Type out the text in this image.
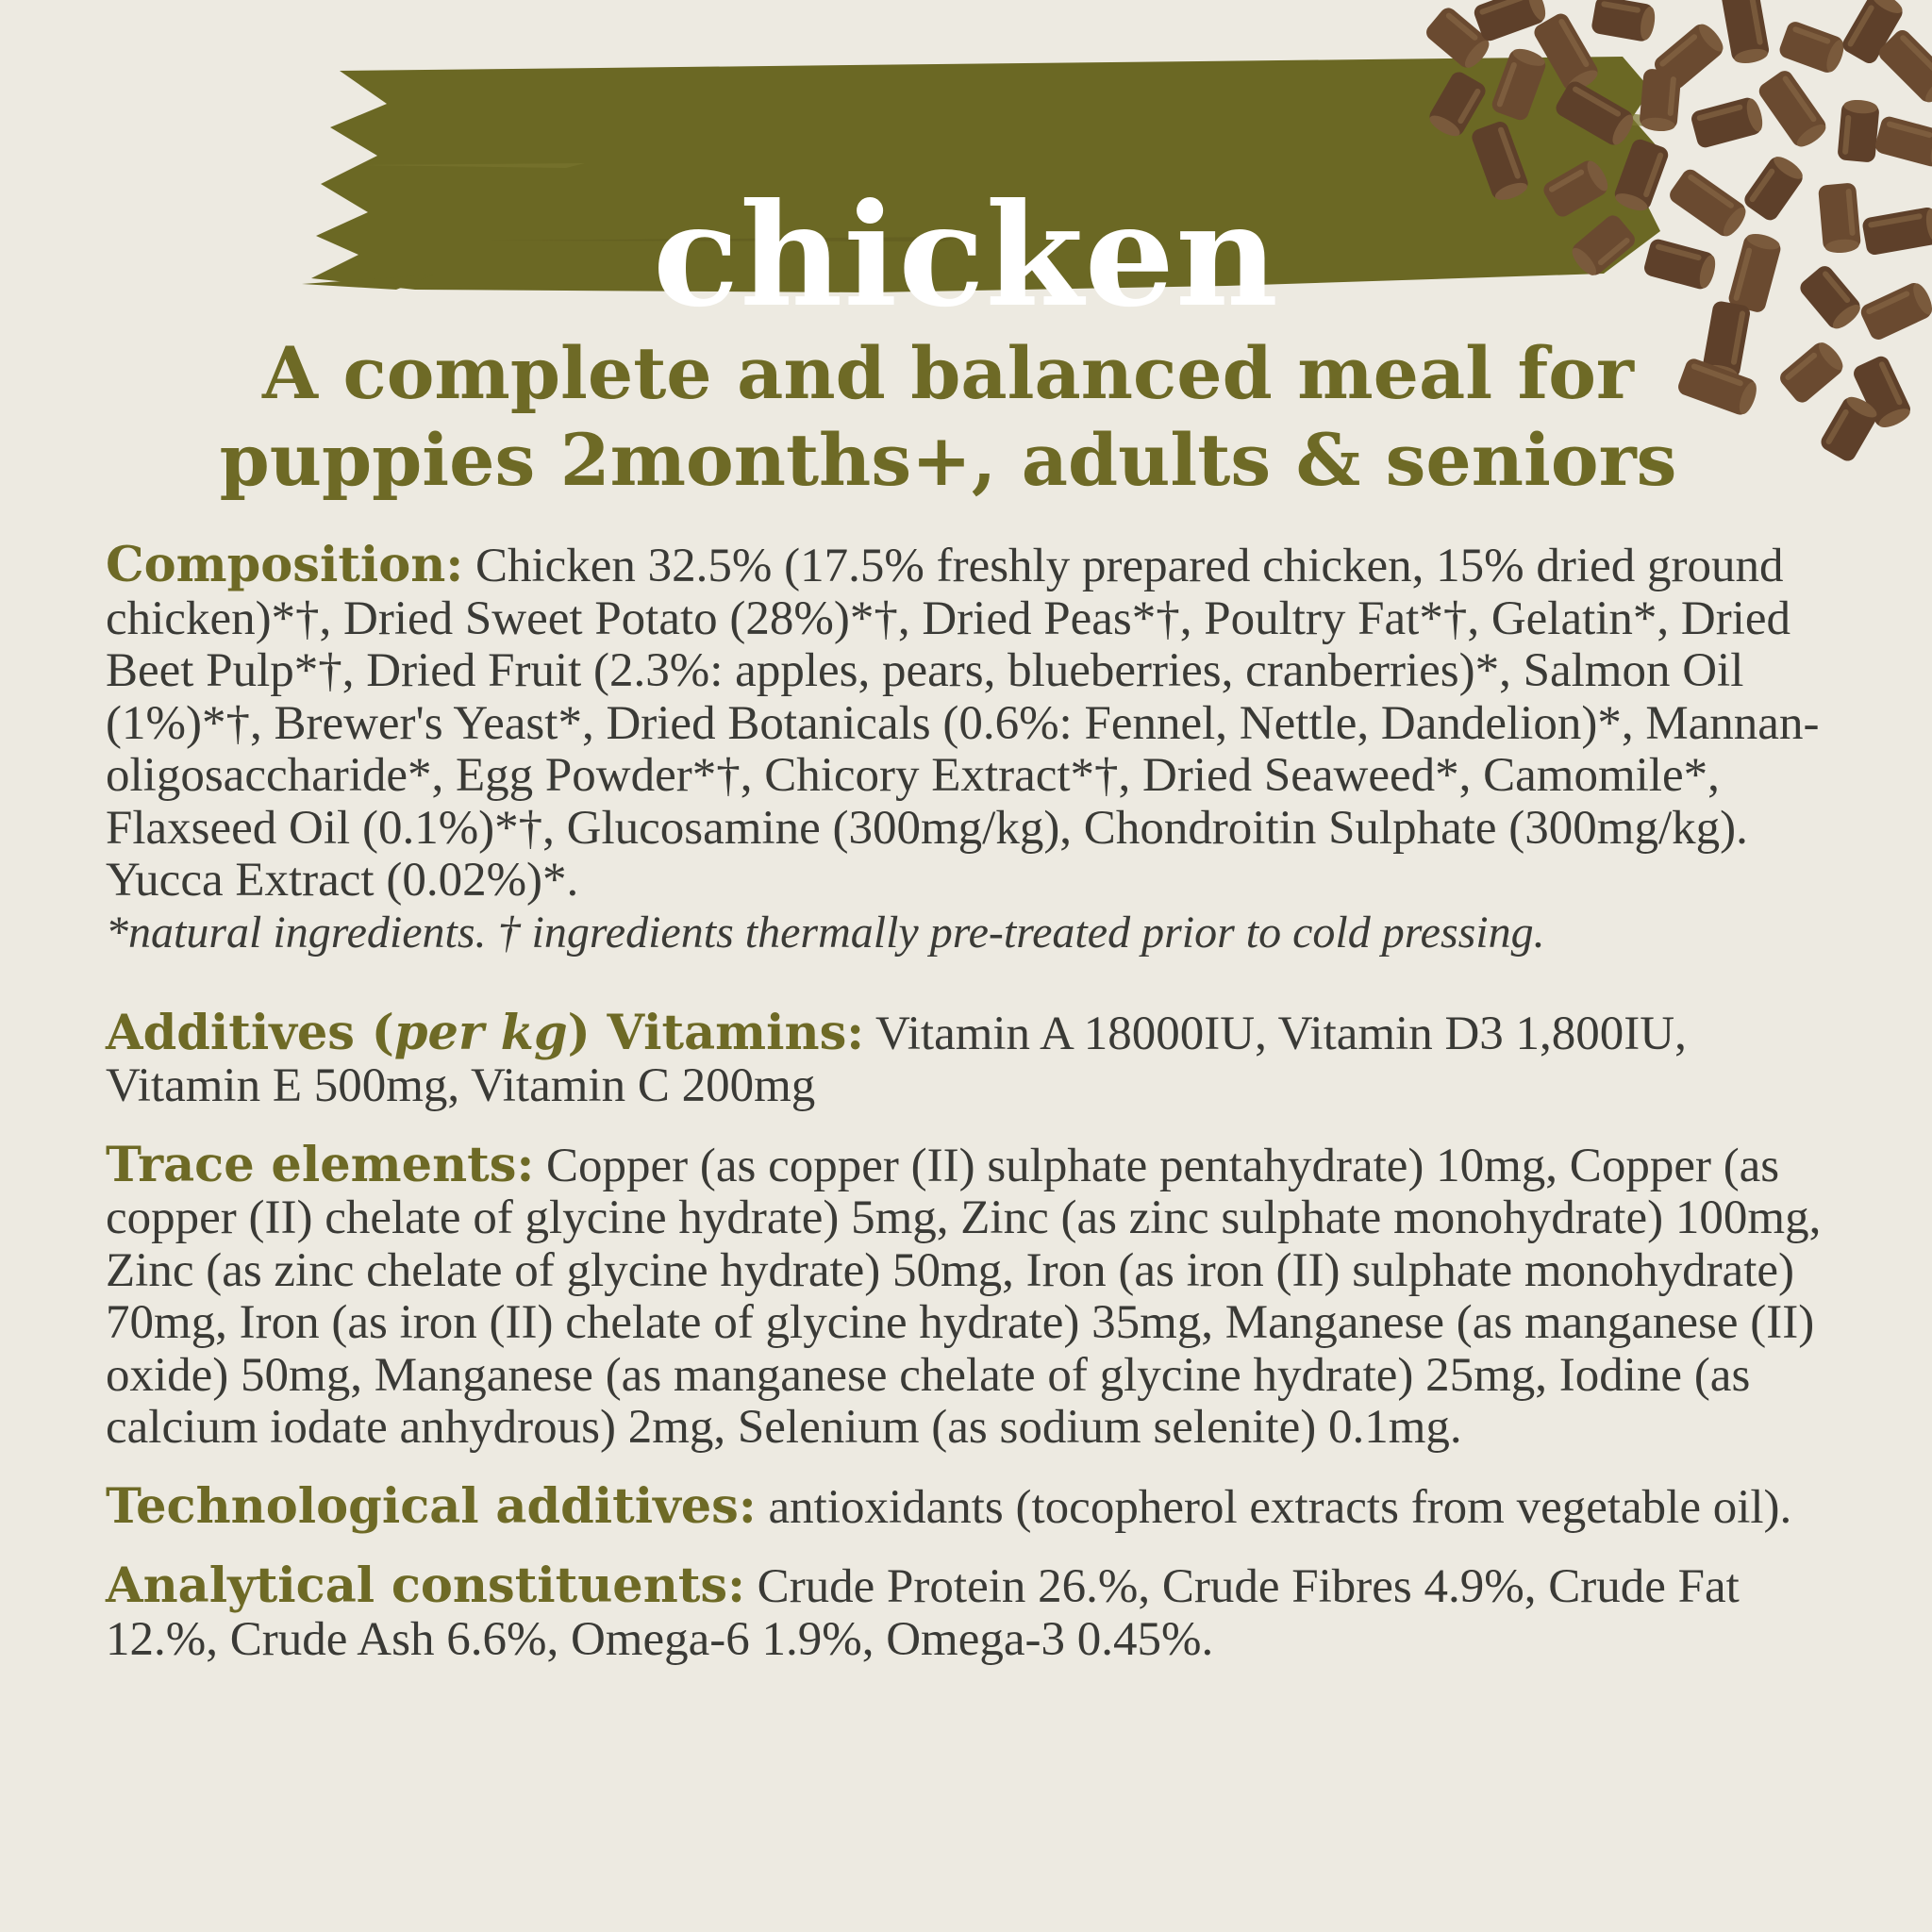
chicken
A complete and balanced meal for
puppies 2months+, adults & seniors
Composition: Chicken 32.5% (17.5% freshly prepared chicken, 15% dried ground chicken)*†, Dried Sweet Potato (28%)*†, Dried Peas*†, Poultry Fat*†, Gelatin*, Dried Beet Pulp*†, Dried Fruit (2.3%: apples, pears, blueberries, cranberries)*, Salmon Oil (1%)*†, Brewer's Yeast*, Dried Botanicals (0.6%: Fennel, Nettle, Dandelion)*, Mannan-oligosaccharide*, Egg Powder*†, Chicory Extract*†, Dried Seaweed*, Camomile*, Flaxseed Oil (0.1%)*†, Glucosamine (300mg/kg), Chondroitin Sulphate (300mg/kg). Yucca Extract (0.02%)*.
*natural ingredients. † ingredients thermally pre-treated prior to cold pressing.
Additives (per kg) Vitamins: Vitamin A 18000IU, Vitamin D3 1,800IU, Vitamin E 500mg, Vitamin C 200mg
Trace elements: Copper (as copper (II) sulphate pentahydrate) 10mg, Copper (as copper (II) chelate of glycine hydrate) 5mg, Zinc (as zinc sulphate monohydrate) 100mg, Zinc (as zinc chelate of glycine hydrate) 50mg, Iron (as iron (II) sulphate monohydrate) 70mg, Iron (as iron (II) chelate of glycine hydrate) 35mg, Manganese (as manganese (II) oxide) 50mg, Manganese (as manganese chelate of glycine hydrate) 25mg, Iodine (as calcium iodate anhydrous) 2mg, Selenium (as sodium selenite) 0.1mg.
Technological additives: antioxidants (tocopherol extracts from vegetable oil).
Analytical constituents: Crude Protein 26.%, Crude Fibres 4.9%, Crude Fat 12.%, Crude Ash 6.6%, Omega-6 1.9%, Omega-3 0.45%.
